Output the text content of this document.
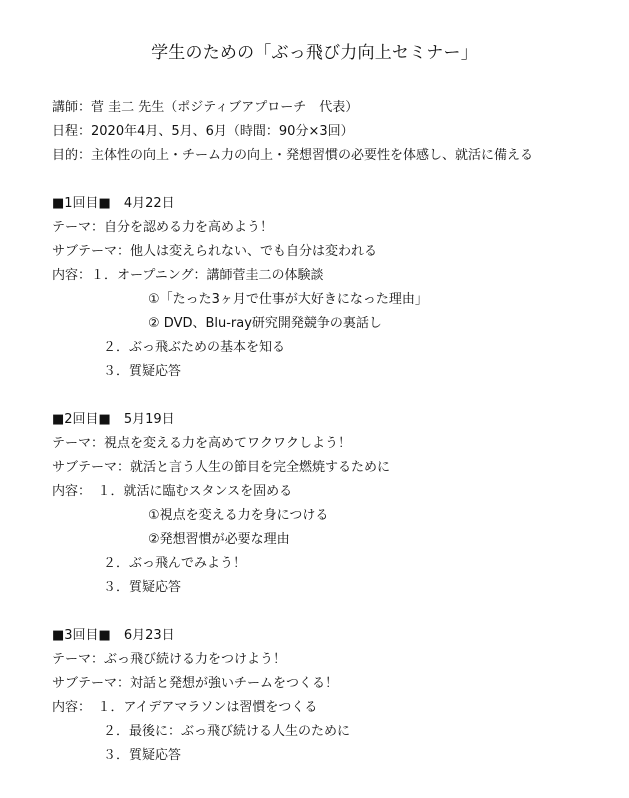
学生のための「ぶっ飛び力向上セミナー」
講師：菅 圭二 先生（ポジティブアプローチ　代表）
日程：2020年4月、5月、6月（時間：90分×3回）
目的：主体性の向上・チーム力の向上・発想習慣の必要性を体感し、就活に備える
■1回目■　4月22日
テーマ：自分を認める力を高めよう！
サブテーマ：他人は変えられない、でも自分は変われる
内容：１．オープニング：講師菅圭二の体験談
①「たった3ヶ月で仕事が大好きになった理由」
② DVD、Blu-ray研究開発競争の裏話し
２．ぶっ飛ぶための基本を知る
３．質疑応答
■2回目■　5月19日
テーマ：視点を変える力を高めてワクワクしよう！
サブテーマ：就活と言う人生の節目を完全燃焼するために
内容：　１．就活に臨むスタンスを固める
①視点を変える力を身につける
②発想習慣が必要な理由
２．ぶっ飛んでみよう！
３．質疑応答
■3回目■　6月23日
テーマ：ぶっ飛び続ける力をつけよう！
サブテーマ：対話と発想が強いチームをつくる！
内容：　１．アイデアマラソンは習慣をつくる
２．最後に：ぶっ飛び続ける人生のために
３．質疑応答
